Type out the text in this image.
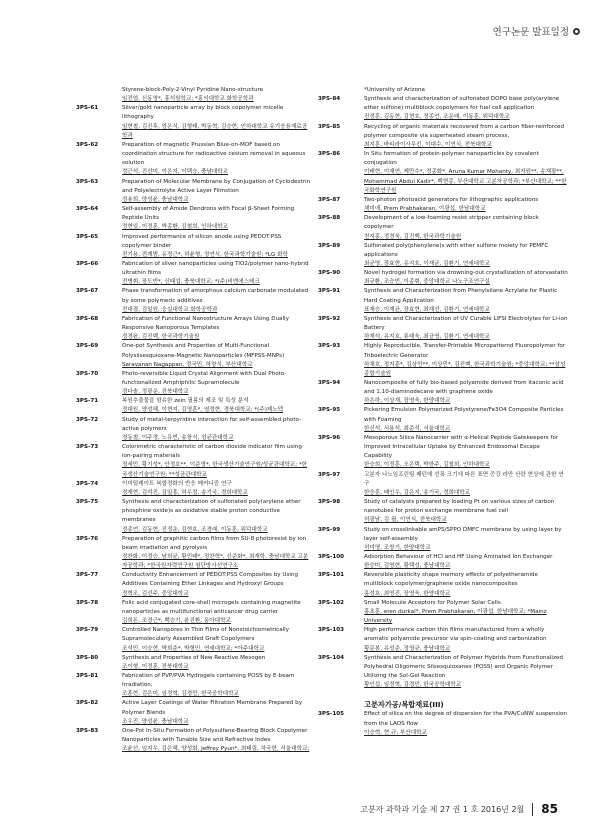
연구논문 발표일정
Styrene-block-Poly-2-Vinyl Pyridine Nano-structure
임진엽, 신동영*, 홍석원학교; *홍익대학교 화학공학과
3PS-61	Silver/gold nanoparticle array by block copolymer micelle lithography
임현철, 김진후, 엄은식, 김형태, 박동혁, 김승현, 인하대학교 유기응용재료공학과
3PS-62	Preparation of magnetic Prussian Blue-on-MOF based on coordination structure for radioactive cesium removal in aqueous solution
정근석, 진선미, 이은지, 이택승, 충남대학교
3PS-63	Preparation of Molecular Membrane by Conjugation of Cyclodextrin and Polyelectrolyte Active Layer Filmstion
정용희, 양성윤, 충남대학교
3PS-64	Self-assembly of Amide Dendrons with Focal β-Sheet Forming Peptide Units
정현일, 이정훈, 박종환, 김철희, 인하대학교
3PS-65	Improved performance of silicon anode using PEDOT:PSS copolymer binder
전기용, 전재범, 유정근*, 허윤형, 정연식, 한국과학기술원; *LG 화학
3PS-66	Fabrication of silver nanoparticles using TiO2/polymer nano-hybrid ultrathin films
전병휘, 장도빈*, 신태섭, 충북대학교; *(주)비엔에스테크
3PS-67	Phase transformation of amorphous calcium carbonate modulated by some polymeric additives
전대겸, 김일원, 숭실대학교 화학공학과
3PS-68	Fabrication of Functional Nanostructure Arrays Using Dually Responsive Nanoporous Templates
정경윤, 김진백, 한국과학기술원
3PS-69	One-pot Synthesis and Properties of Multi-Functional Polysilsesquioxane-Magnetic Nanoparticles (MFPSS-MNPs)
Saravanan Nagappan, 정국민, 하창식, 부산대학교
3PS-70	Photo-reversible Liquid Crystal Alignment with Dual Photo-functionalized Amphiphilic Supramolecule
정다솔, 정광운, 전북대학교
3PS-71	복원추출물을 함유한 zein 필름의 제조 및 특성 분석
정대원, 양성혜, 이현지, 김영훈*, 염정현, 경북대학교; *(주)제노텍
3PS-72	Study of metal-terpyridine interaction for self-assembled photo-active polymers
정동철, 이주경, 노유빈, 송창식, 성균관대학교
3PS-73	Colorimetric characteristic of carbon dioxide indicator film using ion-pairing materials
정세민, 황기성*, 안정호**, 이준영*, 한국생산기술연구원/성균관대학교; *한국생산기술연구원; **성균관대학교
3PS-74	이미털레이트 복합경화의 반응 메커니즘 연구
정재현, 김석진, 김일흥, 허우정, 송기국, 경희대학교
3PS-75	Synthesis and characterization of sulfonated poly(arylene ether phosphine oxide)s as oxidative stable proton conductive membranes
정종언, 김동현, 진정운, 김현호, 조경래, 이동훈, 위덕대학교
3PS-76	Preparation of graphitic carbon films from SU-8 photoresist by ion beam irradiation and pyrolysis
정찬화, 이정승, 남희균, 황민태*, 정찬혁*, 신준화*, 최재학, 충남대학교 고분자공학과; *한국원자력연구원 첨단방사선연구소
3PS-77	Conductivity Enhancement of PEDOT:PSS Composites by Using Additives Containing Ether Linkages and Hydroxyl Groups
정혁조, 김선주, 중앙대학교
3PS-78	Folic acid conjugated core-shell microgels containing magnetite nanoparticles as multifunctional anticancer drug carrier
김희돈, 조경근*, 백승기, 윤진환, 동아대학교
3PS-79	Controlled Nanopores in Thin Films of Nonstoichiometrically Supramolecularly Assembled Graft Copolymers
조석민, 이승현, 박희준*, 박형민, 연세대학교; *아주대학교
3PS-80	Synthesis and Properties of New Reactive Mesogen
조이형, 이정훈, 전북대학교
3PS-81	Fabrication of PVP/PVA Hydrogels containing POSS by E-beam Irradiation,
조훈현, 김은미, 임정혁, 김경민, 한국공학대학교
3PS-82	Active Layer Coatings of Water Filtration Membrane Prepared by Polymer Blends
조우진, 양성윤, 충남대학교
3PS-83	One-Pot In-Situ Formation of Polysulfane-Bearing Block Copolymer Nanoparticles with Tunable Size and Refractive Index
조윤선, 임지우, 김은혜, 양성회, Jeffrey Pyun*, 최태림, 차국헌, 서울대학교;
*University of Arizona
3PS-84	Synthesis and characterization of sulfonated DOPO base poly(arylene ether sulfone) multiblock copolymers for fuel cell application
진정훈, 김동현, 김현호, 정종언, 조문래, 이동훈, 위덕대학교
3PS-85	Recycling of organic materials recovered from a carbon fiber-reinforced polymer composite via superheated steam process,
최지훈, 바티라이사무킨, 이대수, 이연식, 전북대학교
3PS-86	In Situ formation of protein-polymer nanoparticles by covalent conjugation
이태현, 이재연, 제만수*, 정종화*, Aruna Kumar Mohanty, 최지원**, 송재광**, Mohammad Abdul Kadir*, 백현종, 부산대학교 고분자공학과; *부산대학교; **한국화학연구원
3PS-87	Two-photon photoacid generators for lithographic applications
채미애, Prem Prabhakaran, 이광섭, 한남대학교
3PS-88	Development of a low-foaming resist stripper containing block copolymer
천지홍, 정경욱, 김진백, 한국과학기술원
3PS-89	Sulfonated poly(phenylene)s with ether sulfone moiety for PEMFC applications
최균영, 장효현, 유지호, 이재균, 김환기, 연세대학교
3PS-90	Novel hydrogel formation via drowning-out crystallization of atorvastatin
최규환, 조승빈, 이종휘, 중앙대학교 나노구조연구실
3PS-91	Synthesis and Characterization from Phenylsilane Acrylate for Plastic Hard Coating Application
표재승, 이재균, 장효현, 최재선, 김환기, 연세대학교
3PS-92	Synthesis and Characterization of UV Curable LiFSI Electrolytes for Li-ion Battery
하재석, 유지호, 류태욱, 최균영, 김환기, 연세대학교
3PS-93	Highly Reproducible, Transfer-Printable Micropatternd Fluoropolymer for Triboelectric Generator
하채호, 정지훈*, 김상민**, 이상민*, 김진백, 한국과학기술원; *중앙대학교; **삼성종합기술원
3PS-94	Nanocomposite of fully bio-based polyamide derived from itaconic acid and 1,10-diaminodecane with graphene oxide
하은하, 이상재, 장영욱, 한양대학교
3PS-95	Pickering Emulsion Polymerized Polystyrene/Fe3O4 Composite Particles with Foaming
한신석, 서용석, 최준석, 서울대학교
3PS-96	Mesoporous Silica Nanocarrier with α-Helical Peptide Gatekeepers for Improved Intracellular Uptake by Enhanced Endosomal Escape Capability
한승희, 이정훈, 오은택, 박한주, 김철희, 인하대학교
3PS-97	고분자 나노임프린팅 패턴에 선폭 크기에 따른 표면 증강 라만 산란 현상에 관한 연구
한승훈, 배인우, 김은지, 송기국, 경희대학교
3PS-98	Study of catalysts prepared by loading Pt on various sizes of carbon nanotubes for proton exchange membrane fuel cell
허광남, 김 필, 이연식, 전북대학교
3PS-99	Study on crosslinkable amPS/SPPO DMFC membrane by using layer by layer self-assembly
허미영, 조창기, 한양대학교
3PS-100	Adsorption Behaviour of HCl and HF Using Aminated Ion Exchanger
한승미, 김영현, 황택성, 충남대학교
3PS-101	Reversible plasticity shape memory effects of polyetheramide multiblock copolymer/graphene oxide nanocomposites
홍성호, 최영진, 장영욱, 한양대학교
3PS-102	Small Molecule Acceptors for Polymer Solar Cells
홍초훈, eren durkal*, Prem Prabhakaran, 이광섭, 한남대학교; *Mainz University
3PS-103	High performance carbon thin films manufactured from a wholly aromatic polyamide precursor via spin-coating and carbonization
황문봉, 유성준, 정영규, 충남대학교
3PS-104	Synthesis and Characterization of Polymer Hybrids from Functionalized Polyhedral Oligomeric Silsesquioxanes (POSS) and Organic Polymer Utilizing the Sol-Gel Reaction
황인섭, 임정혁, 김경민, 한국공학대학교
고분자가공/복합재료(III)
3PS-105	Effect of silica on the degree of dispersion for the PVA/CuNW suspension from the LAOS flow
이승혁, 현 규, 부산대학교
고분자 과학과 기술 제 27 권 1 호 2016년 2월 85
